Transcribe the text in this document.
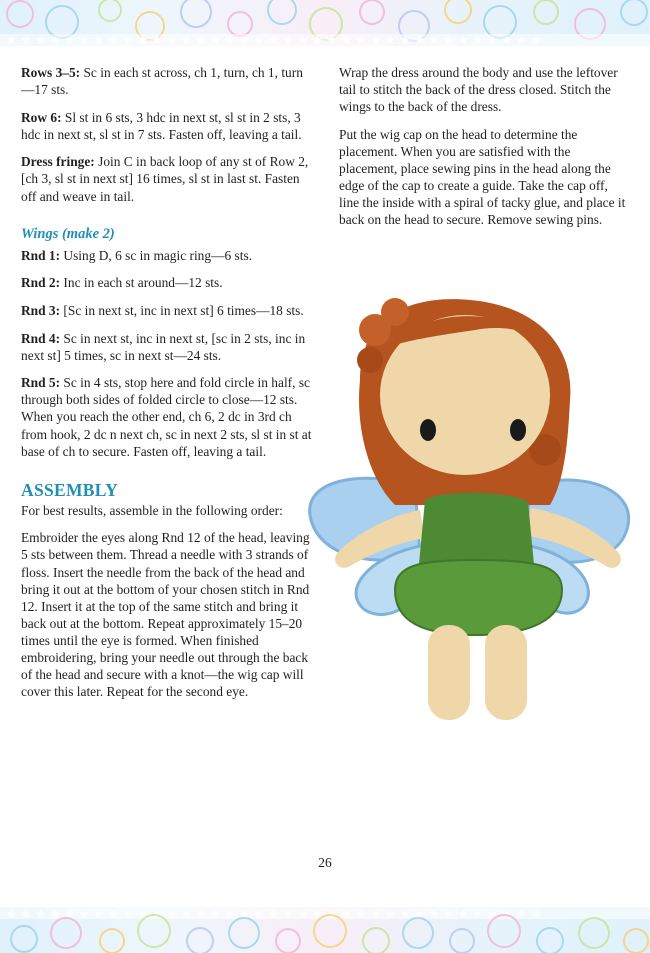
★ ★ ★ ★ ★ ★ ★ ★ ★ ★ ★ ★ ★ ★ ★ ★ ★ ★ ★ ★ ★ ★ ★ ★ ★ ★ ★ ★ ★ ★ ★ ★ ★ ★ ★ ★ ★

Rows 3–5: Sc in each st across, ch 1, turn, ch 1, turn—17 sts.

Row 6: Sl st in 6 sts, 3 hdc in next st, sl st in 2 sts, 3 hdc in next st, sl st in 7 sts. Fasten off, leaving a tail.

Dress fringe: Join C in back loop of any st of Row 2, [ch 3, sl st in next st] 16 times, sl st in last st. Fasten off and weave in tail.

Wings (make 2)

Rnd 1: Using D, 6 sc in magic ring—6 sts.

Rnd 2: Inc in each st around—12 sts.

Rnd 3: [Sc in next st, inc in next st] 6 times—18 sts.

Rnd 4: Sc in next st, inc in next st, [sc in 2 sts, inc in next st] 5 times, sc in next st—24 sts.

Rnd 5: Sc in 4 sts, stop here and fold circle in half, sc through both sides of folded circle to close—12 sts. When you reach the other end, ch 6, 2 dc in 3rd ch from hook, 2 dc n next ch, sc in next 2 sts, sl st in st at base of ch to secure. Fasten off, leaving a tail.

ASSEMBLY

For best results, assemble in the following order:

Embroider the eyes along Rnd 12 of the head, leaving 5 sts between them. Thread a needle with 3 strands of floss. Insert the needle from the back of the head and bring it out at the bottom of your chosen stitch in Rnd 12. Insert it at the top of the same stitch and bring it back out at the bottom. Repeat approximately 15–20 times until the eye is formed. When finished embroidering, bring your needle out through the back of the head and secure with a knot—the wig cap will cover this later. Repeat for the second eye.

Wrap the dress around the body and use the leftover tail to stitch the back of the dress closed. Stitch the wings to the back of the dress.

Put the wig cap on the head to determine the placement. When you are satisfied with the placement, place sewing pins in the head along the edge of the cap to create a guide. Take the cap off, line the inside with a spiral of tacky glue, and place it back on the head to secure. Remove sewing pins.

26
★ ★ ★ ★ ★ ★ ★ ★ ★ ★ ★ ★ ★ ★ ★ ★ ★ ★ ★ ★ ★ ★ ★ ★ ★ ★ ★ ★ ★ ★ ★ ★ ★ ★ ★ ★ ★
